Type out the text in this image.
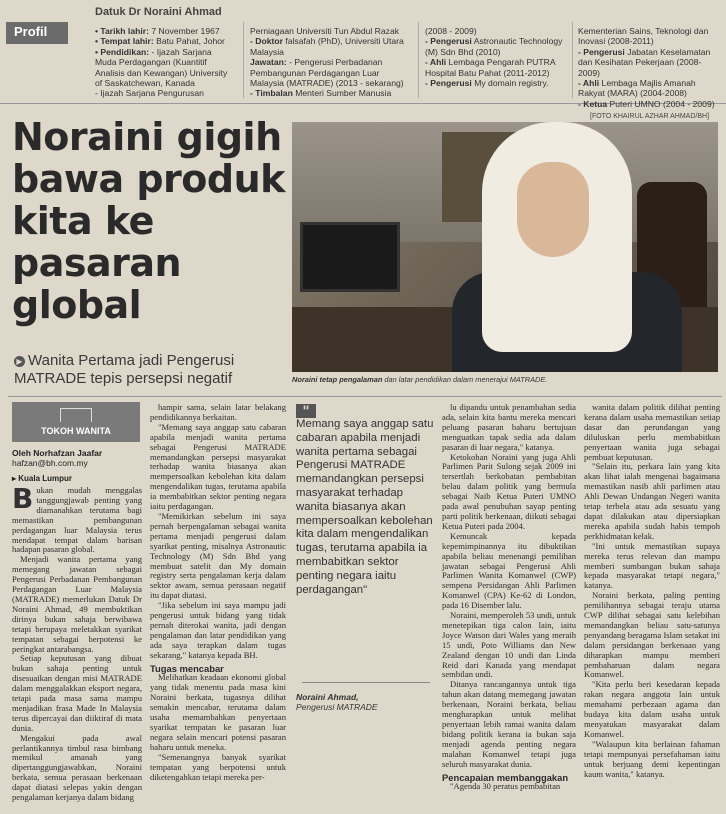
Profil
Datuk Dr Noraini Ahmad
• Tarikh lahir: 7 November 1967
• Tempat lahir: Batu Pahat, Johor
• Pendidikan: - Ijazah Sarjana Muda Perdagangan (Kuantitif Analisis dan Kewangan) University of Saskatchewan, Kanada
- Ijazah Sarjana Pengurusan
Perniagaan Universiti Tun Abdul Razak
- Doktor falsafah (PhD), Universiti Utara Malaysia
Jawatan: - Pengerusi Perbadanan Pembangunan Perdagangan Luar Malaysia (MATRADE) (2013 - sekarang)
- Timbalan Menteri Sumber Manusia
(2008 - 2009)
- Pengerusi Astronautic Technology (M) Sdn Bhd (2010)
- Ahli Lembaga Pengarah PUTRA Hospital Batu Pahat (2011-2012)
- Pengerusi My domain registry.
Kementerian Sains, Teknologi dan Inovasi (2008-2011)
- Pengerusi Jabatan Keselamatan dan Kesihatan Pekerjaan (2008-2009)
- Ahli Lembaga Majlis Amanah Rakyat (MARA) (2004-2008)
- Ketua Puteri UMNO (2004 - 2009)
Noraini gigih bawa produk kita ke pasaran global
[FOTO KHAIRUL AZHAR AHMAD/BH]
Noraini tetap pengalaman dan latar pendidikan dalam menerajui MATRADE.
▶ Wanita Pertama jadi Pengerusi MATRADE tepis persepsi negatif
TOKOH WANITA
Oleh Norhafzan Jaafar
hafzan@bh.com.my
▸ Kuala Lumpur
B ukan mudah menggalas tanggungjawab penting yang diamanahkan terutama bagi memastikan pembangunan perdagangan luar Malaysia terus mendapat tempat dalam barisan hadapan pasaran global.

Menjadi wanita pertama yang memegang jawatan sebagai Pengerusi Perbadanan Pembangunan Perdagangan Luar Malaysia (MATRADE) memerlukan Datuk Dr Noraini Ahmad, 49 membuktikan dirinya bukan sahaja berwibawa tetapi berupaya meletakkan syarikat tempatan sebagai berpotensi ke peringkat antarabangsa.

Setiap keputusan yang dibuat bukan sahaja penting untuk disesuaikan dengan misi MATRADE dalam menggalakkan eksport negara, tetapi pada masa sama mampu menjadikan frasa Made In Malaysia terus dipercayai dan diiktiraf di mata dunia.

Mengakui pada awal perlantikannya timbul rasa bimbang memikul amanah yang dipertanggungjawabkan, Noraini berkata, semua perasaan berkenaan dapat diatasi selepas yakin dengan pengalaman kerjanya dalam bidang

hampir sama, selain latar belakang pendidikannya berkaitan.

"Memang saya anggap satu cabaran apabila menjadi wanita pertama sebagai Pengerusi MATRADE memandangkan persepsi masyarakat terhadap wanita biasanya akan mempersoalkan kebolehan kita dalam mengendalikan tugas, terutama apabila ia membabitkan sektor penting negara iaitu perdagangan.

"Memikirkan sebelum ini saya pernah berpengalaman sebagai wanita pertama menjadi pengerusi dalam syarikat penting, misalnya Astronautic Technology (M) Sdn Bhd yang membuat satelit dan My domain registry serta pengalaman kerja dalam sektor awam, semua perasaan negatif itu dapat diatasi.

"Jika sebelum ini saya mampu jadi pengerusi untuk bidang yang tidak pernah diterokai wanita, jadi dengan pengalaman dan latar pendidikan yang ada saya terapkan dalam tugas sekarang," katanya kepada BH.

Tugas mencabar

Melihatkan keadaan ekonomi global yang tidak menentu pada masa kini Noraini berkata, tugasnya dilihat semakin mencabar, terutama dalam usaha memambahkan penyertaan syarikat tempatan ke pasaran luar negara selain mencari potensi pasaran baharu untuk meneka.

"Semenangnya banyak syarikat tempatan yang berpotensi untuk diketengahkan tetapi mereka per-

"
Memang saya anggap satu cabaran apabila menjadi wanita pertama sebagai Pengerusi MATRADE memandangkan persepsi masyarakat terhadap wanita biasanya akan mempersoalkan kebolehan kita dalam mengendalikan tugas, terutama apabila ia membabitkan sektor penting negara iaitu perdagangan"
Noraini Ahmad,
Pengerusi MATRADE

lu dipandu untuk penambahan sedia ada, selain kita bantu mereka mencari peluang pasaran baharu bertujuan menguatkan tapak sedia ada dalam pasaran di luar negara," katanya.

Ketokohan Noraini yang juga Ahli Parlimen Parit Sulong sejak 2009 ini tersertlah berkobatan pembabitan belau dalam politik yang bermula sebagai Naib Ketua Puteri UMNO pada awal penubuhan sayap penting parti politik berkenaan, diikuti sebagai Ketua Puteri pada 2004.

Kemuncak kepada kepemimpinannya itu dibuktikan apabila beliau menenangi pemilihan jawatan sebagai Pengerusi Ahli Parlimen Wanita Komanwel (CWP) sempena Persidangan Ahli Parlimen Komanwel (CPA) Ke-62 di London, pada 16 Disember lalu.

Noraini, memperoleh 53 undi, untuk menetepikan tiga calon lain, iaitu Joyce Watson dari Wales yang meraih 15 undi, Poto Williams dan New Zealand dengan 10 undi dan Linda Reid dari Kanada yang mendapat sembilan undi.

Ditanya rancangannya untuk tiga tahun akan datang memegang jawatan berkenaan, Noraini berkata, beliau mengharapkan untuk melihat penyertaan lebih ramai wanita dalam bidang politik kerana ia bukan saja menjadi agenda penting negara malahan Komanwel tetapi juga seluruh masyarakat dunia.

Pencapaian membanggakan

"Agenda 30 peratus pembabitan

wanita dalam politik dilihat penting kerana dalam usaha memastikan setiap dasar dan perundangan yang diluluskan perlu membabitkan penyertaan wanita juga sebagai pembuat keputusan.

"Selain itu, perkara lain yang kita akan lihat ialah mengenai bagaimana memastikan nasib ahli parlimen atau Ahli Dewan Undangan Negeri wanita tetap terbela atau ada sesuatu yang dapat dilakukan atau dipersiapkan mereka apabila sudah habis tempoh perkhidmatan kelak.

"Ini untuk memastikan supaya mereka terus relevan dan mampu memberi sumbangan bukan sahaja kepada masyarakat tetapi negara," katanya.

Noraini berkata, paling penting pemilihannya sebagai teraju utama CWP dilihat sebagai satu kelebihan memandangkan beliau satu-satunya penyandang beragama Islam setakat ini dalam persidangan berkenaan yang diharapkan mampu memberi pembaharuan dalam negara Komanwel.

"Kita perlu beri kesedaran kepada rakan negara anggota lain untuk memahami perbezaan agama dan budaya kita dalam usaha untuk menyatukan masyarakat dalam Komanwel.

"Walaupun kita berlainan fahaman tetapi mempunyai persefahaman iaitu untuk berjuang demi kepentingan kaum wanita," katanya.
